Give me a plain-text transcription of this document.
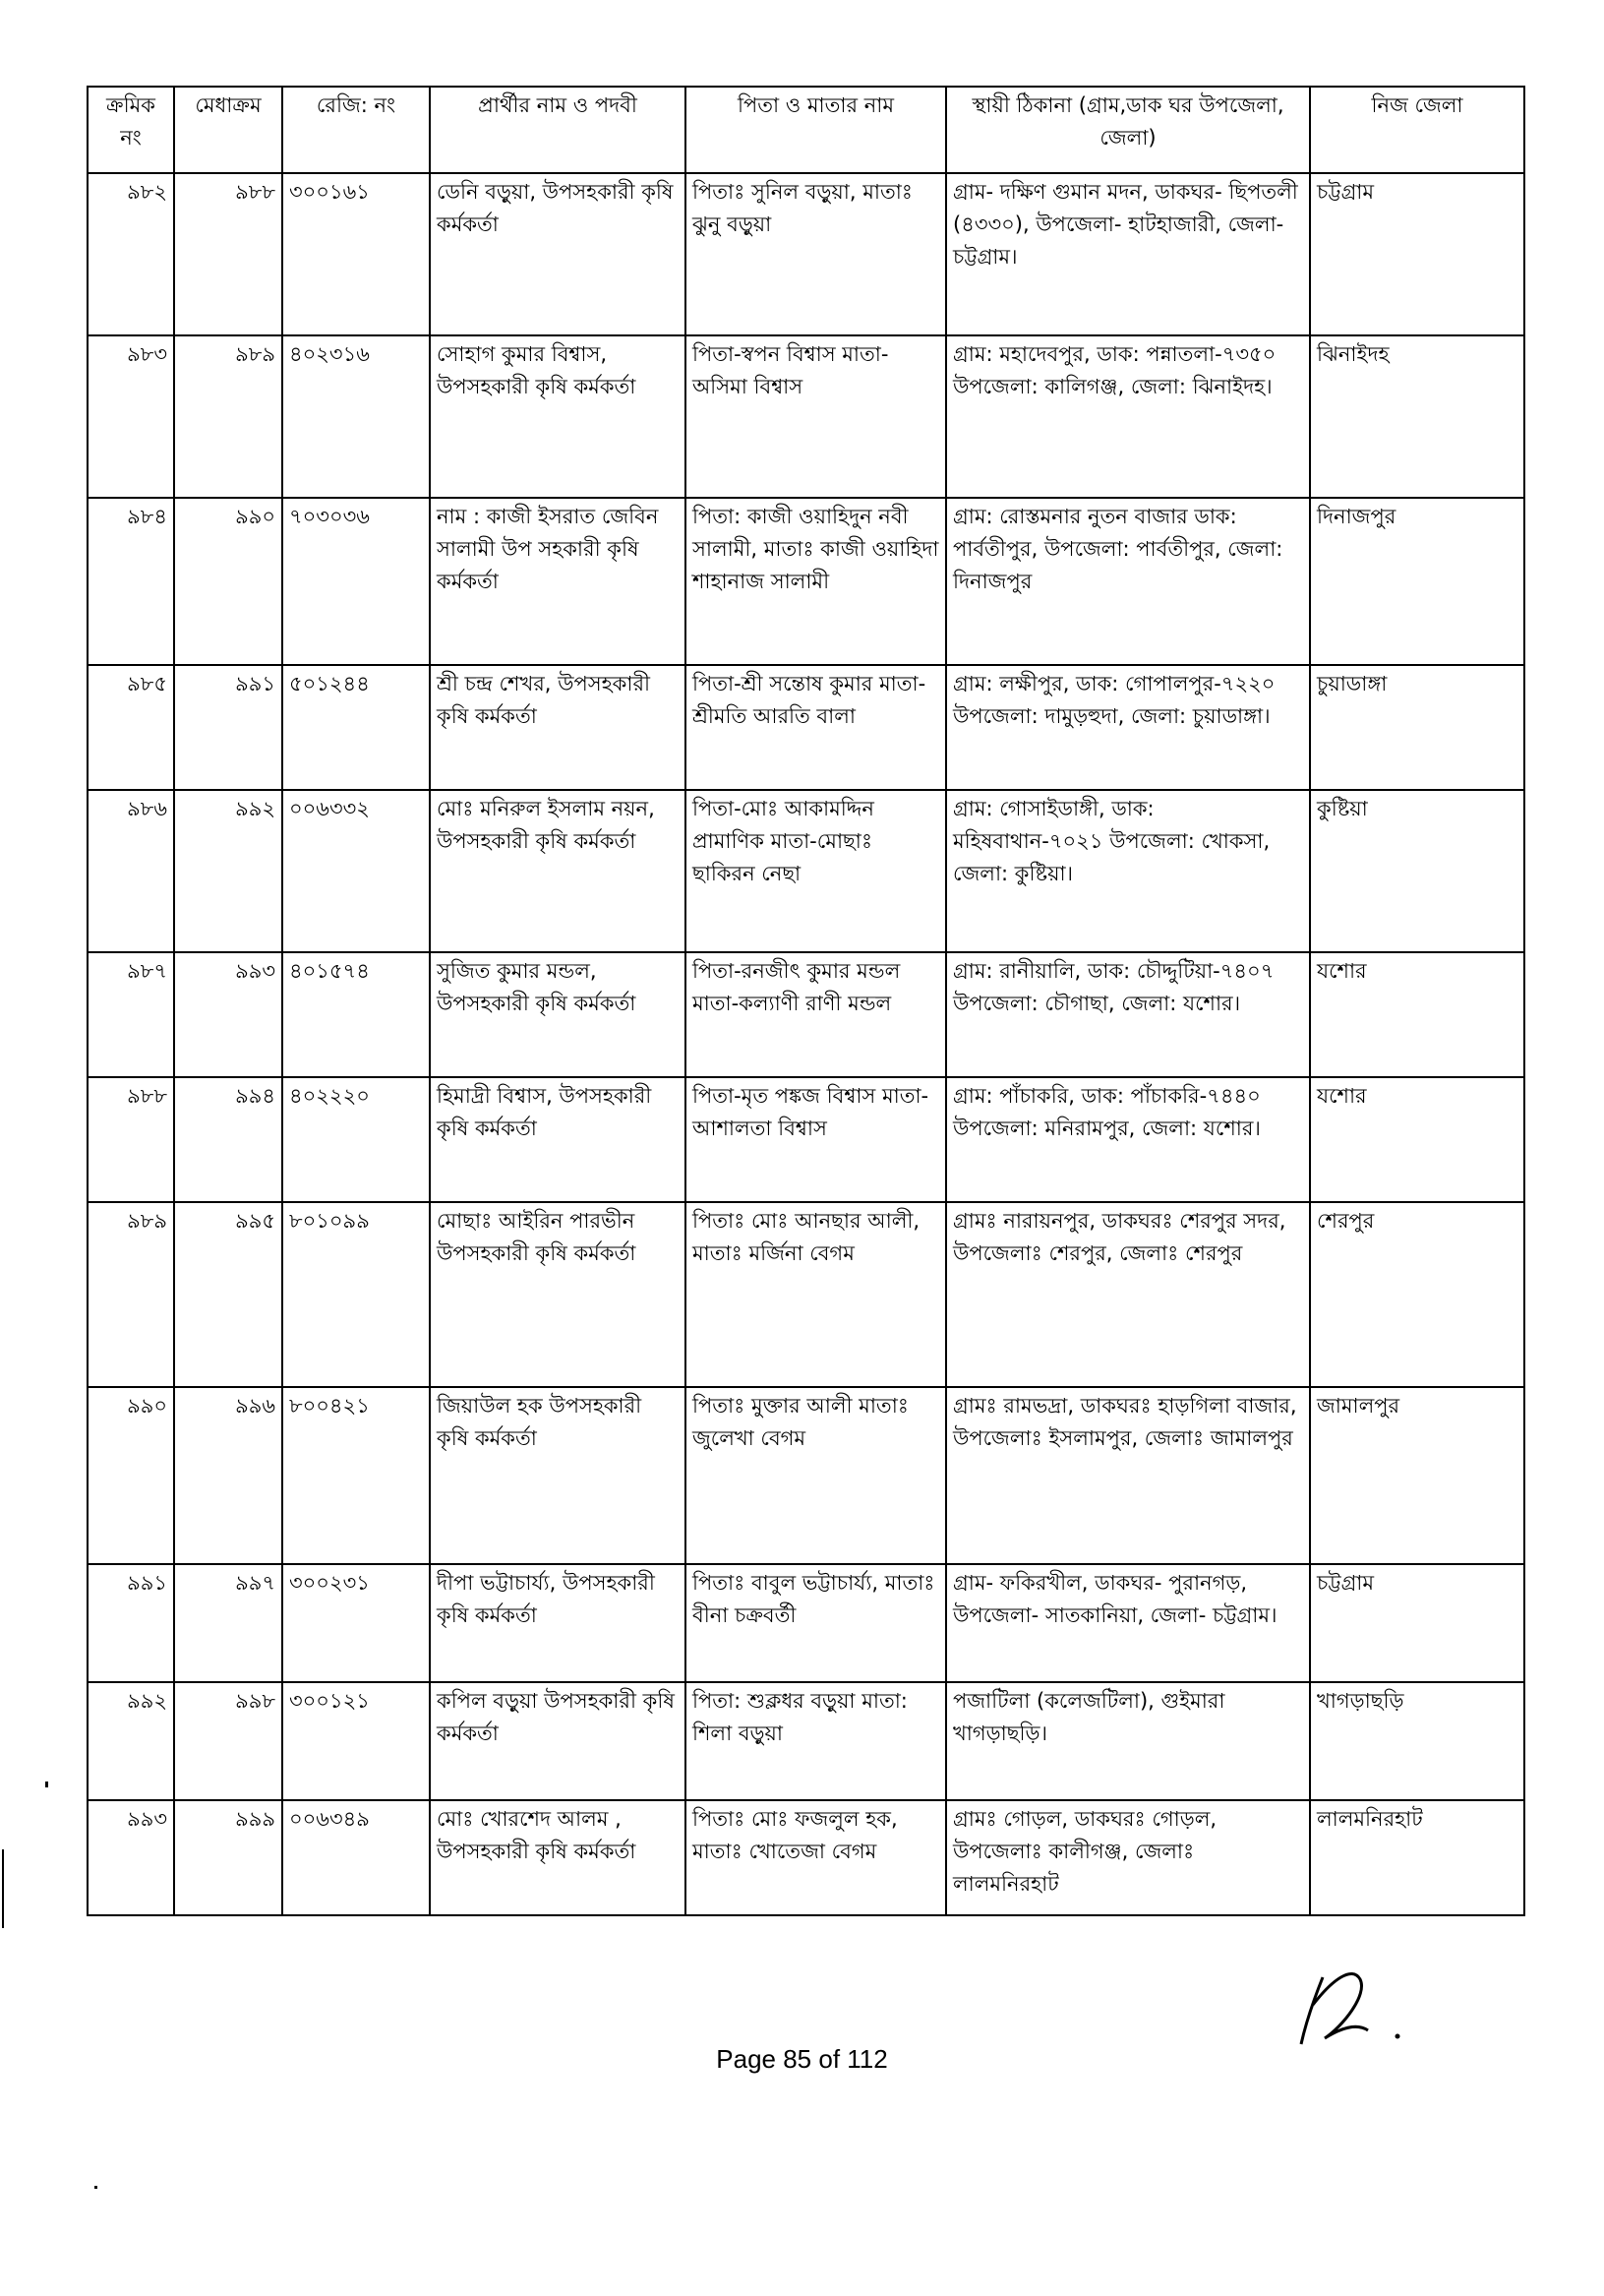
ক্রমিক নং	মেধাক্রম	রেজি: নং	প্রার্থীর নাম ও পদবী	পিতা ও মাতার নাম	স্থায়ী ঠিকানা (গ্রাম,ডাক ঘর উপজেলা, জেলা)	নিজ জেলা
৯৮২	৯৮৮	৩০০১৬১	ডেনি বড়ুয়া, উপসহকারী কৃষি কর্মকর্তা	পিতাঃ সুনিল বড়ুয়া, মাতাঃ ঝুনু বড়ুয়া	গ্রাম- দক্ষিণ গুমান মদন, ডাকঘর- ছিপতলী (৪৩৩০), উপজেলা- হাটহাজারী, জেলা- চট্টগ্রাম।	চট্টগ্রাম
৯৮৩	৯৮৯	৪০২৩১৬	সোহাগ কুমার বিশ্বাস, উপসহকারী কৃষি কর্মকর্তা	পিতা-স্বপন বিশ্বাস মাতা-অসিমা বিশ্বাস	গ্রাম: মহাদেবপুর, ডাক: পন্নাতলা-৭৩৫০ উপজেলা: কালিগঞ্জ, জেলা: ঝিনাইদহ।	ঝিনাইদহ
৯৮৪	৯৯০	৭০৩০৩৬	নাম : কাজী ইসরাত জেবিন সালামী উপ সহকারী কৃষি কর্মকর্তা	পিতা: কাজী ওয়াহিদুন নবী সালামী, মাতাঃ কাজী ওয়াহিদা শাহানাজ সালামী	গ্রাম: রোস্তমনার নুতন বাজার ডাক: পার্বতীপুর, উপজেলা: পার্বতীপুর, জেলা: দিনাজপুর	দিনাজপুর
৯৮৫	৯৯১	৫০১২৪৪	শ্রী চন্দ্র শেখর, উপসহকারী কৃষি কর্মকর্তা	পিতা-শ্রী সন্তোষ কুমার মাতা-শ্রীমতি আরতি বালা	গ্রাম: লক্ষীপুর, ডাক: গোপালপুর-৭২২০ উপজেলা: দামুড়হুদা, জেলা: চুয়াডাঙ্গা।	চুয়াডাঙ্গা
৯৮৬	৯৯২	০০৬৩৩২	মোঃ মনিরুল ইসলাম নয়ন, উপসহকারী কৃষি কর্মকর্তা	পিতা-মোঃ আকামদ্দিন প্রামাণিক মাতা-মোছাঃ ছাকিরন নেছা	গ্রাম: গোসাইডাঙ্গী, ডাক: মহিষবাথান-৭০২১ উপজেলা: খোকসা, জেলা: কুষ্টিয়া।	কুষ্টিয়া
৯৮৭	৯৯৩	৪০১৫৭৪	সুজিত কুমার মন্ডল, উপসহকারী কৃষি কর্মকর্তা	পিতা-রনজীৎ কুমার মন্ডল মাতা-কল্যাণী রাণী মন্ডল	গ্রাম: রানীয়ালি, ডাক: চৌদ্দুটিয়া-৭৪০৭ উপজেলা: চৌগাছা, জেলা: যশোর।	যশোর
৯৮৮	৯৯৪	৪০২২২০	হিমাদ্রী বিশ্বাস, উপসহকারী কৃষি কর্মকর্তা	পিতা-মৃত পঙ্কজ বিশ্বাস মাতা-আশালতা বিশ্বাস	গ্রাম: পাঁচাকরি, ডাক: পাঁচাকরি-৭৪৪০ উপজেলা: মনিরামপুর, জেলা: যশোর।	যশোর
৯৮৯	৯৯৫	৮০১০৯৯	মোছাঃ আইরিন পারভীন উপসহকারী কৃষি কর্মকর্তা	পিতাঃ মোঃ আনছার আলী, মাতাঃ মর্জিনা বেগম	গ্রামঃ নারায়নপুর, ডাকঘরঃ শেরপুর সদর, উপজেলাঃ শেরপুর, জেলাঃ শেরপুর	শেরপুর
৯৯০	৯৯৬	৮০০৪২১	জিয়াউল হক উপসহকারী কৃষি কর্মকর্তা	পিতাঃ মুক্তার আলী মাতাঃ জুলেখা বেগম	গ্রামঃ রামভদ্রা, ডাকঘরঃ হাড়গিলা বাজার, উপজেলাঃ ইসলামপুর, জেলাঃ জামালপুর	জামালপুর
৯৯১	৯৯৭	৩০০২৩১	দীপা ভট্টাচার্য্য, উপসহকারী কৃষি কর্মকর্তা	পিতাঃ বাবুল ভট্টাচার্য্য, মাতাঃ বীনা চক্রবর্তী	গ্রাম- ফকিরখীল, ডাকঘর- পুরানগড়, উপজেলা- সাতকানিয়া, জেলা- চট্টগ্রাম।	চট্টগ্রাম
৯৯২	৯৯৮	৩০০১২১	কপিল বড়ুয়া উপসহকারী কৃষি কর্মকর্তা	পিতা: শুক্লধর বড়ুয়া মাতা: শিলা বড়ুয়া	পজাটিলা (কলেজটিলা), গুইমারা খাগড়াছড়ি।	খাগড়াছড়ি
৯৯৩	৯৯৯	০০৬৩৪৯	মোঃ খোরশেদ আলম , উপসহকারী কৃষি কর্মকর্তা	পিতাঃ মোঃ ফজলুল হক, মাতাঃ খোতেজা বেগম	গ্রামঃ গোড়ল, ডাকঘরঃ গোড়ল, উপজেলাঃ কালীগঞ্জ, জেলাঃ লালমনিরহাট	লালমনিরহাট
Page 85 of 112
